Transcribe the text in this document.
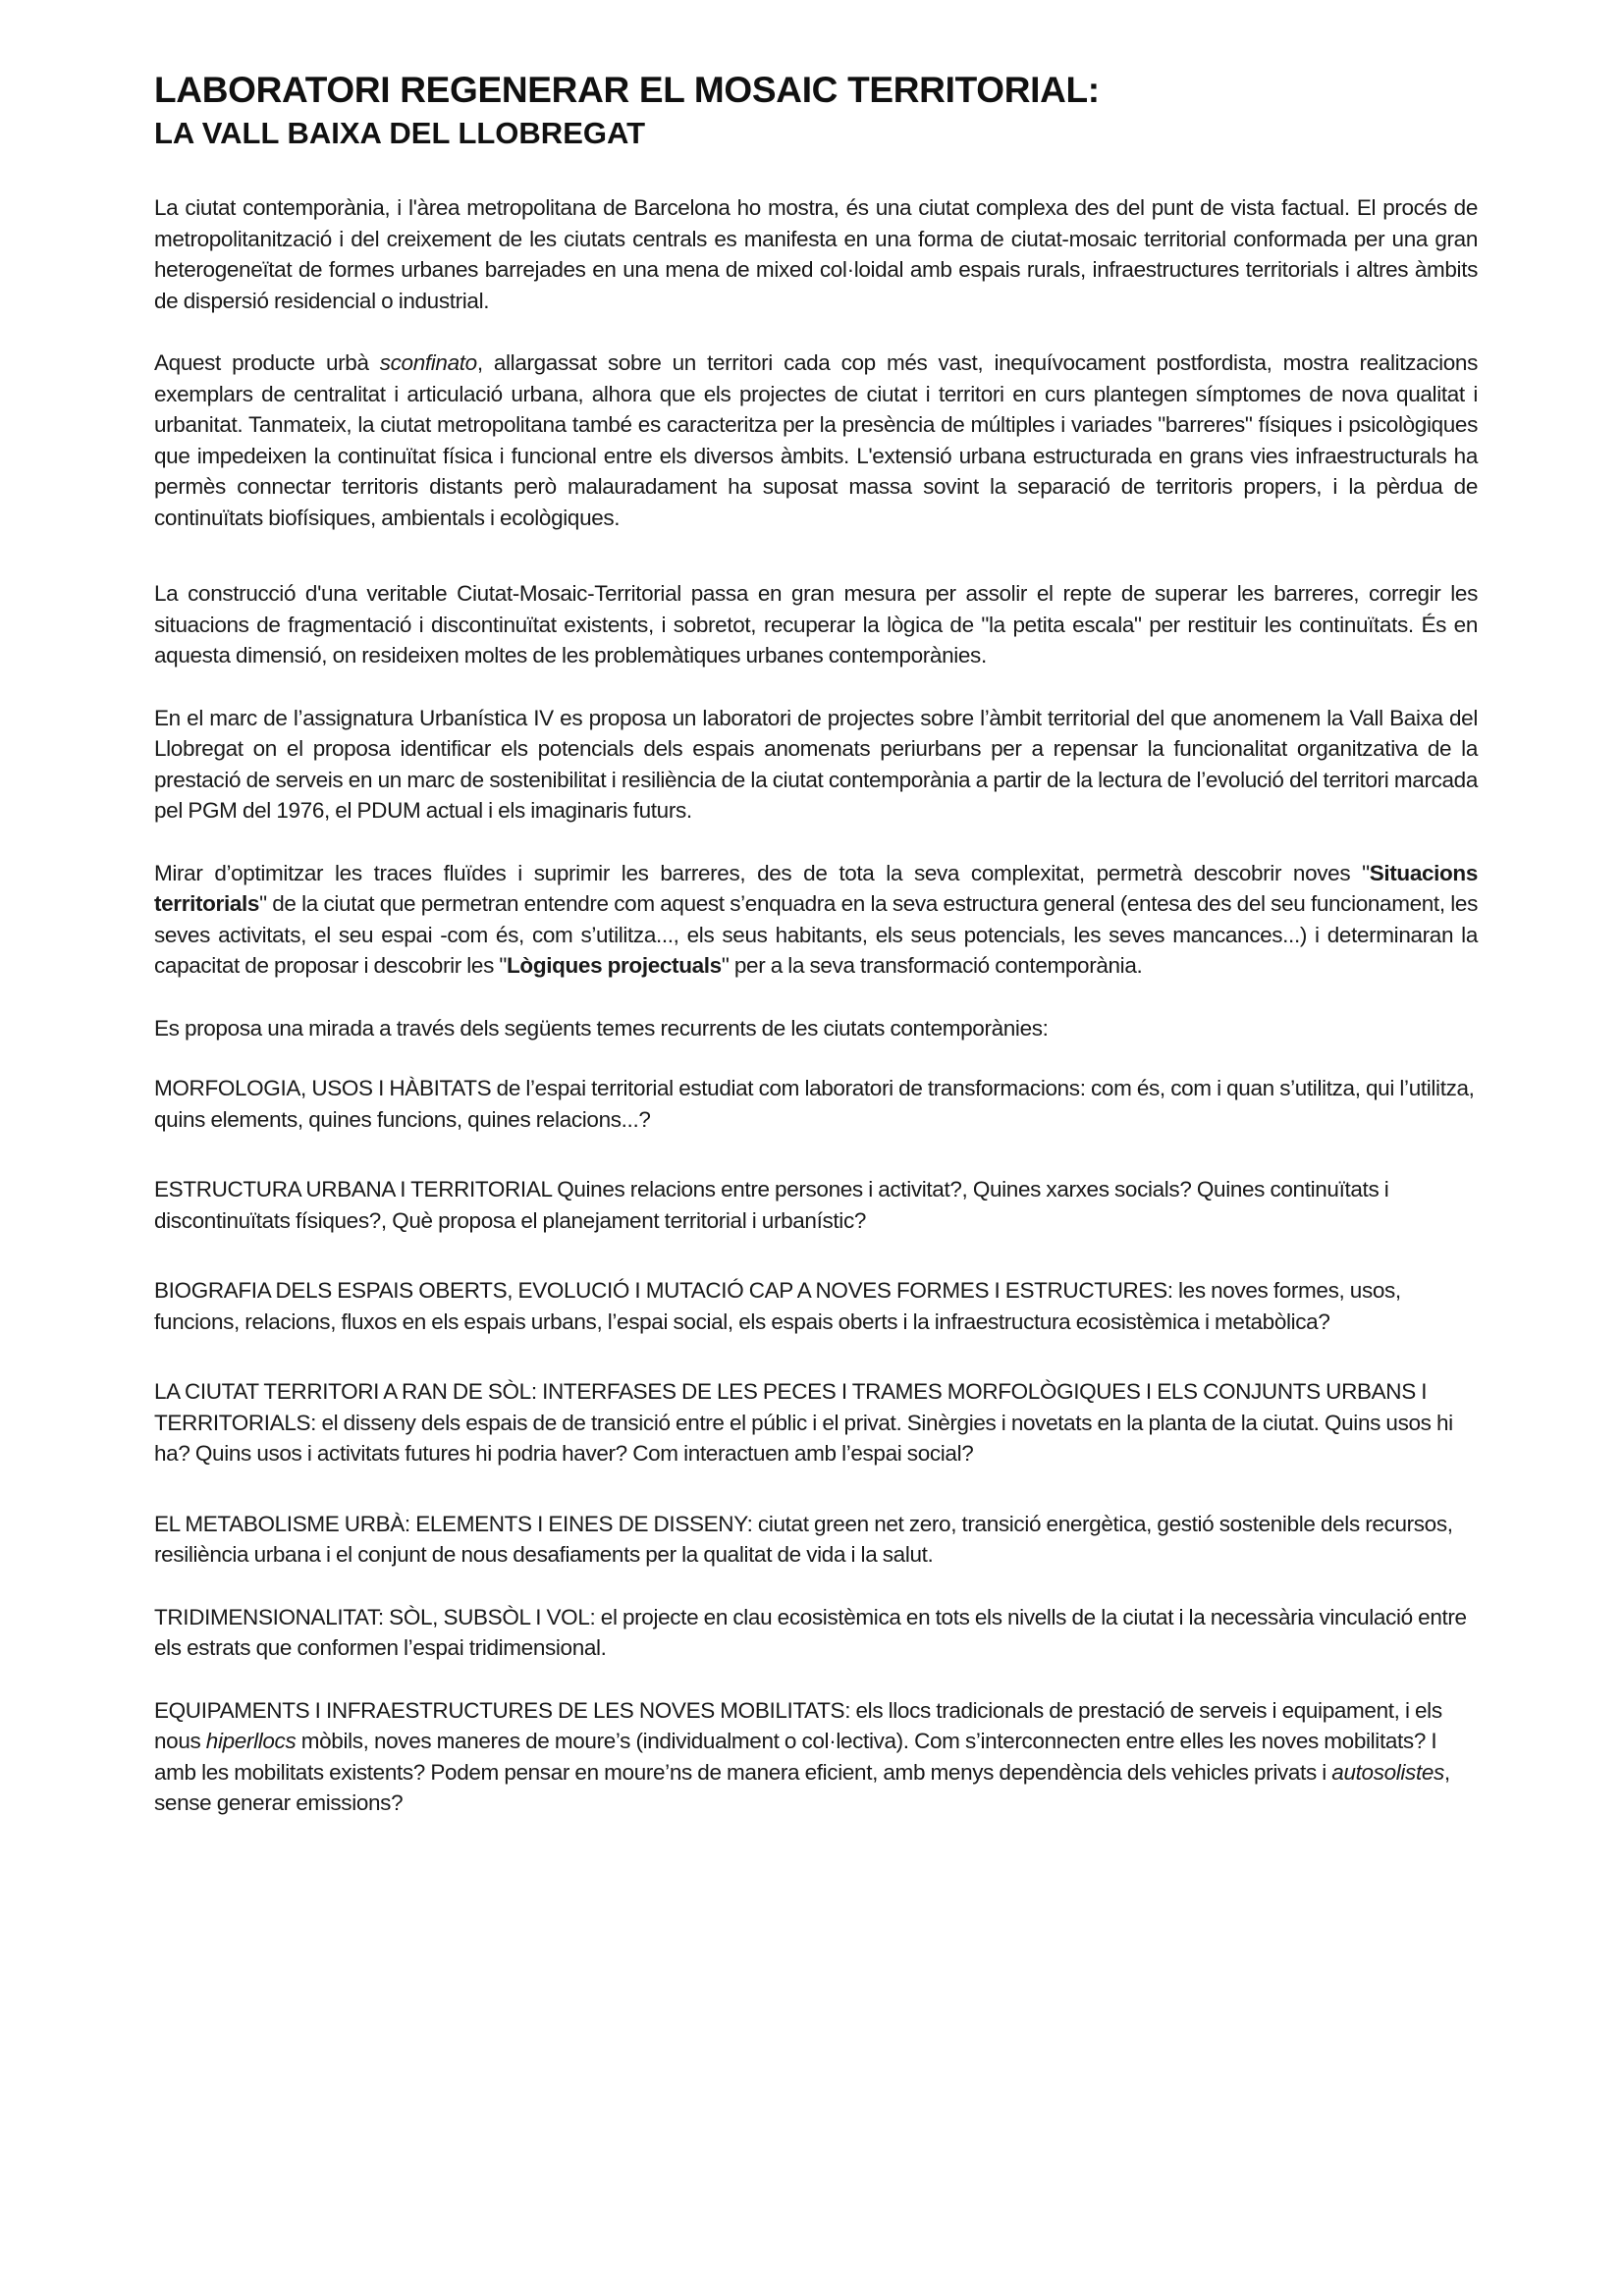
LABORATORI REGENERAR EL MOSAIC TERRITORIAL:
LA VALL BAIXA DEL LLOBREGAT

La ciutat contemporània, i l'àrea metropolitana de Barcelona ho mostra, és una ciutat complexa des del punt de vista factual. El procés de metropolitanització i del creixement de les ciutats centrals es manifesta en una forma de ciutat-mosaic territorial conformada per una gran heterogeneïtat de formes urbanes barrejades en una mena de mixed col·loidal amb espais rurals, infraestructures territorials i altres àmbits de dispersió residencial o industrial.

Aquest producte urbà sconfinato, allargassat sobre un territori cada cop més vast, inequívocament postfordista, mostra realitzacions exemplars de centralitat i articulació urbana, alhora que els projectes de ciutat i territori en curs plantegen símptomes de nova qualitat i urbanitat. Tanmateix, la ciutat metropolitana també es caracteritza per la presència de múltiples i variades "barreres" físiques i psicològiques que impedeixen la continuïtat física i funcional entre els diversos àmbits. L'extensió urbana estructurada en grans vies infraestructurals ha permès connectar territoris distants però malauradament ha suposat massa sovint la separació de territoris propers, i la pèrdua de continuïtats biofísiques, ambientals i ecològiques.

La construcció d'una veritable Ciutat-Mosaic-Territorial passa en gran mesura per assolir el repte de superar les barreres, corregir les situacions de fragmentació i discontinuïtat existents, i sobretot, recuperar la lògica de "la petita escala" per restituir les continuïtats. És en aquesta dimensió, on resideixen moltes de les problemàtiques urbanes contemporànies.

En el marc de l’assignatura Urbanística IV es proposa un laboratori de projectes sobre l’àmbit territorial del que anomenem la Vall Baixa del Llobregat on el proposa identificar els potencials dels espais anomenats periurbans per a repensar la funcionalitat organitzativa de la prestació de serveis en un marc de sostenibilitat i resiliència de la ciutat contemporània a partir de la lectura de l’evolució del territori marcada pel PGM del 1976, el PDUM actual i els imaginaris futurs.

Mirar d’optimitzar les traces fluïdes i suprimir les barreres, des de tota la seva complexitat, permetrà descobrir noves "Situacions territorials" de la ciutat que permetran entendre com aquest s’enquadra en la seva estructura general (entesa des del seu funcionament, les seves activitats, el seu espai -com és, com s’utilitza..., els seus habitants, els seus potencials, les seves mancances...) i determinaran la capacitat de proposar i descobrir les "Lògiques projectuals" per a la seva transformació contemporània.

Es proposa una mirada a través dels següents temes recurrents de les ciutats contemporànies:

MORFOLOGIA, USOS I HÀBITATS de l’espai territorial estudiat com laboratori de transformacions: com és, com i quan s’utilitza, qui l’utilitza, quins elements, quines funcions, quines relacions...?

ESTRUCTURA URBANA I TERRITORIAL Quines relacions entre persones i activitat?, Quines xarxes socials? Quines continuïtats i discontinuïtats físiques?, Què proposa el planejament territorial i urbanístic?

BIOGRAFIA DELS ESPAIS OBERTS, EVOLUCIÓ I MUTACIÓ CAP A NOVES FORMES I ESTRUCTURES: les noves formes, usos, funcions, relacions, fluxos en els espais urbans, l’espai social, els espais oberts i la infraestructura ecosistèmica i metabòlica?

LA CIUTAT TERRITORI A RAN DE SÒL: INTERFASES DE LES PECES I TRAMES MORFOLÒGIQUES I ELS CONJUNTS URBANS I TERRITORIALS: el disseny dels espais de de transició entre el públic i el privat. Sinèrgies i novetats en la planta de la ciutat. Quins usos hi ha? Quins usos i activitats futures hi podria haver? Com interactuen amb l’espai social?

EL METABOLISME URBÀ: ELEMENTS I EINES DE DISSENY: ciutat green net zero, transició energètica, gestió sostenible dels recursos, resiliència urbana i el conjunt de nous desafiaments per la qualitat de vida i la salut.

TRIDIMENSIONALITAT: SÒL, SUBSÒL I VOL: el projecte en clau ecosistèmica en tots els nivells de la ciutat i la necessària vinculació entre els estrats que conformen l’espai tridimensional.

EQUIPAMENTS I INFRAESTRUCTURES DE LES NOVES MOBILITATS: els llocs tradicionals de prestació de serveis i equipament, i els nous hiperllocs mòbils, noves maneres de moure’s (individualment o col·lectiva). Com s’interconnecten entre elles les noves mobilitats? I amb les mobilitats existents? Podem pensar en moure’ns de manera eficient, amb menys dependència dels vehicles privats i autosolistes, sense generar emissions?
